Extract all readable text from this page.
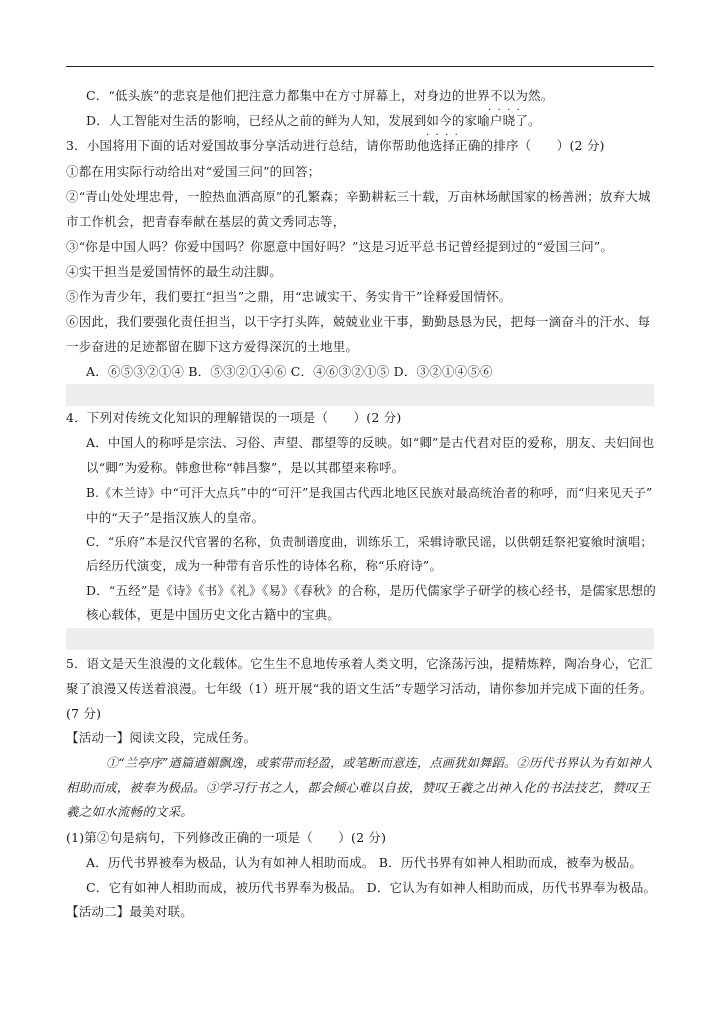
C．“低头族”的悲哀是他们把注意力都集中在方寸屏幕上，对身边的世界不以为然。
·  ·  ·  ·
D．人工智能对生活的影响，已经从之前的鲜为人知，发展到如今的家喻户晓了。
·  ·  ·  ·
3．小国将用下面的话对爱国故事分享活动进行总结，请你帮助他选择正确的排序（　　）(2 分)
①都在用实际行动给出对“爱国三问”的回答；
②“青山处处埋忠骨，一腔热血洒高原”的孔繁森；辛勤耕耘三十载，万亩林场献国家的杨善洲；放弃大城
市工作机会，把青春奉献在基层的黄文秀同志等，
③“你是中国人吗？你爱中国吗？你愿意中国好吗？”这是习近平总书记曾经提到过的“爱国三问”。
④实干担当是爱国情怀的最生动注脚。
⑤作为青少年，我们要扛“担当”之鼎，用“忠诚实干、务实肯干”诠释爱国情怀。
⑥因此，我们要强化责任担当，以干字打头阵，兢兢业业干事，勤勤恳恳为民，把每一滴奋斗的汗水、每
一步奋进的足迹都留在脚下这方爱得深沉的土地里。
A．⑥⑤③②①④ B．⑤③②①④⑥ C．④⑥③②①⑤ D．③②①④⑤⑥
4．下列对传统文化知识的理解错误的一项是（　　）(2 分)
A．中国人的称呼是宗法、习俗、声望、郡望等的反映。如“卿”是古代君对臣的爱称，朋友、夫妇间也
以“卿”为爱称。韩愈世称“韩昌黎”，是以其郡望来称呼。
B.《木兰诗》中“可汗大点兵”中的“可汗”是我国古代西北地区民族对最高统治者的称呼，而“归来见天子”
中的“天子”是指汉族人的皇帝。
C．“乐府”本是汉代官署的名称，负责制谱度曲，训练乐工，采辑诗歌民谣，以供朝廷祭祀宴飨时演唱；
后经历代演变，成为一种带有音乐性的诗体名称，称“乐府诗”。
D．“五经”是《诗》《书》《礼》《易》《春秋》的合称，是历代儒家学子研学的核心经书，是儒家思想的
核心载体，更是中国历史文化古籍中的宝典。
5．语文是天生浪漫的文化载体。它生生不息地传承着人类文明，它涤荡污浊，提精炼粹，陶冶身心，它汇
聚了浪漫又传送着浪漫。七年级（1）班开展“我的语文生活”专题学习活动，请你参加并完成下面的任务。
(7 分)
【活动一】阅读文段，完成任务。
①“兰亭序”遒篇遒媚飘逸，或萦带而轻盈，或笔断而意连，点画犹如舞蹈。②历代书界认为有如神人
相助而成，被奉为极品。③学习行书之人，都会倾心难以自拔，赞叹王羲之出神入化的书法技艺，赞叹王
羲之如水流畅的文采。
(1)第②句是病句，下列修改正确的一项是（　　）(2 分)
A．历代书界被奉为极品，认为有如神人相助而成。 B．历代书界有如神人相助而成，被奉为极品。
C．它有如神人相助而成，被历代书界奉为极品。 D．它认为有如神人相助而成，历代书界奉为极品。
【活动二】最美对联。
